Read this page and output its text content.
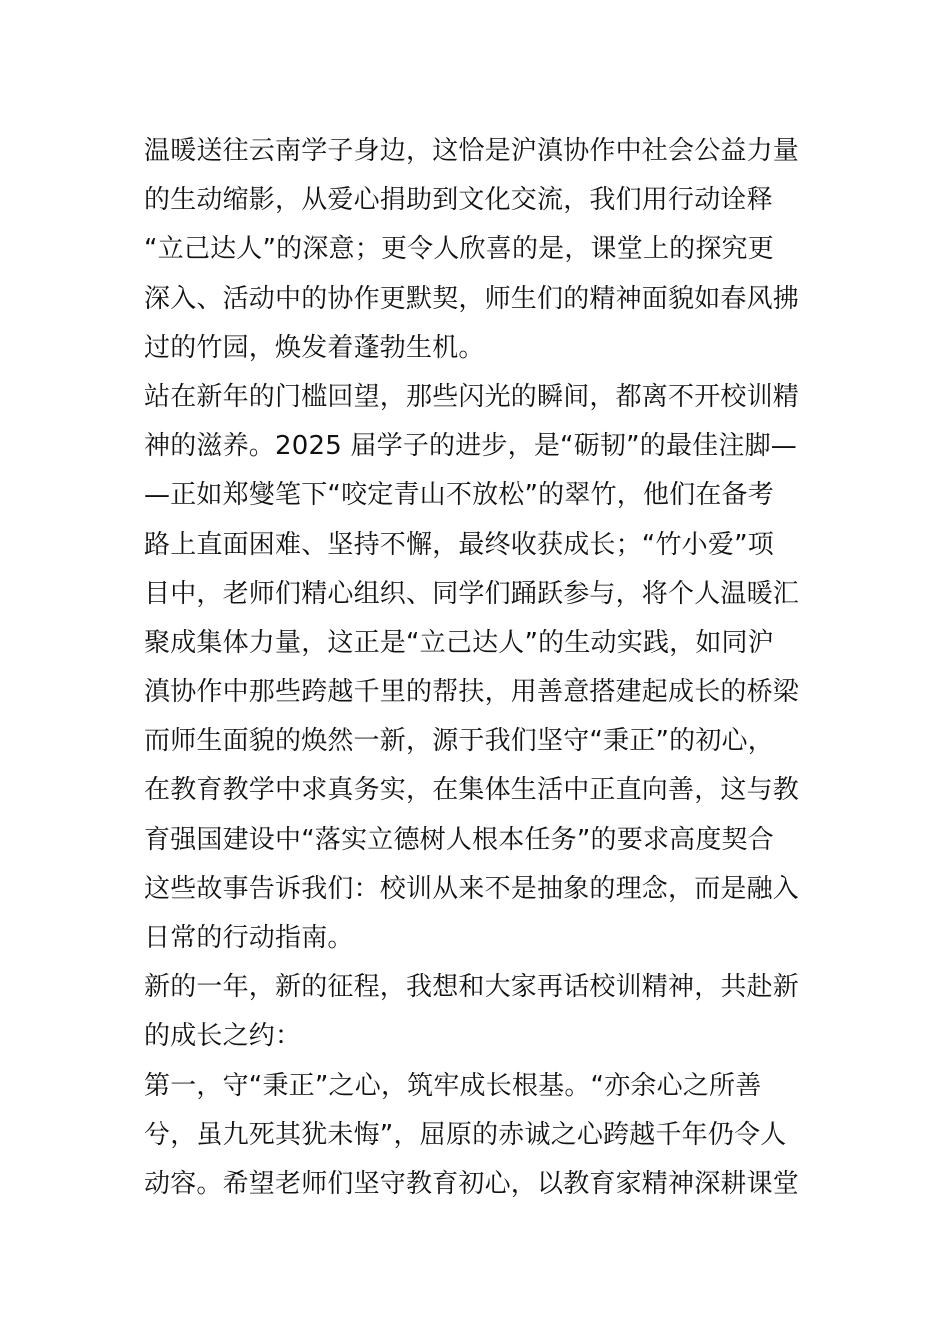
温暖送往云南学子身边，这恰是沪滇协作中社会公益力量
的生动缩影，从爱心捐助到文化交流，我们用行动诠释
“立己达人”的深意；更令人欣喜的是，课堂上的探究更
深入、活动中的协作更默契，师生们的精神面貌如春风拂
过的竹园，焕发着蓬勃生机。
站在新年的门槛回望，那些闪光的瞬间，都离不开校训精
神的滋养。2025 届学子的进步，是“砺韧”的最佳注脚—
—正如郑燮笔下“咬定青山不放松”的翠竹，他们在备考
路上直面困难、坚持不懈，最终收获成长；“竹小爱”项
目中，老师们精心组织、同学们踊跃参与，将个人温暖汇
聚成集体力量，这正是“立己达人”的生动实践，如同沪
滇协作中那些跨越千里的帮扶，用善意搭建起成长的桥梁
而师生面貌的焕然一新，源于我们坚守“秉正”的初心，
在教育教学中求真务实，在集体生活中正直向善，这与教
育强国建设中“落实立德树人根本任务”的要求高度契合
这些故事告诉我们：校训从来不是抽象的理念，而是融入
日常的行动指南。
新的一年，新的征程，我想和大家再话校训精神，共赴新
的成长之约：
第一，守“秉正”之心，筑牢成长根基。“亦余心之所善
兮，虽九死其犹未悔”，屈原的赤诚之心跨越千年仍令人
动容。希望老师们坚守教育初心，以教育家精神深耕课堂
